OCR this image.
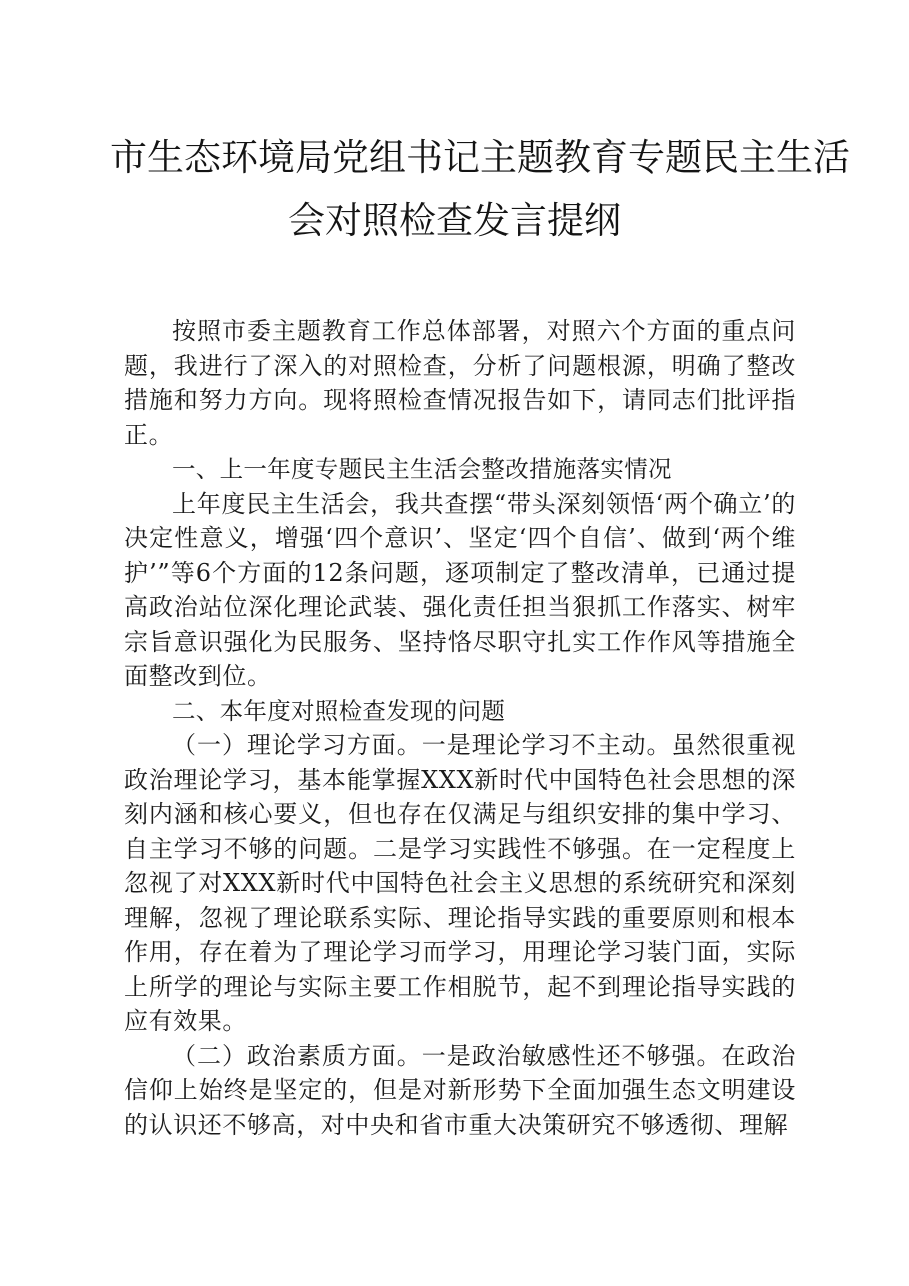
市生态环境局党组书记主题教育专题民主生活
会对照检查发言提纲

按照市委主题教育工作总体部署，对照六个方面的重点问题，我进行了深入的对照检查，分析了问题根源，明确了整改措施和努力方向。现将照检查情况报告如下，请同志们批评指正。

一、上一年度专题民主生活会整改措施落实情况

上年度民主生活会，我共查摆“带头深刻领悟‘两个确立’的决定性意义，增强‘四个意识’、坚定‘四个自信’、做到‘两个维护’”等6个方面的12条问题，逐项制定了整改清单，已通过提高政治站位深化理论武装、强化责任担当狠抓工作落实、树牢宗旨意识强化为民服务、坚持恪尽职守扎实工作作风等措施全面整改到位。

二、本年度对照检查发现的问题

（一）理论学习方面。一是理论学习不主动。虽然很重视政治理论学习，基本能掌握XXX新时代中国特色社会思想的深刻内涵和核心要义，但也存在仅满足与组织安排的集中学习、自主学习不够的问题。二是学习实践性不够强。在一定程度上忽视了对XXX新时代中国特色社会主义思想的系统研究和深刻理解，忽视了理论联系实际、理论指导实践的重要原则和根本作用，存在着为了理论学习而学习，用理论学习装门面，实际上所学的理论与实际主要工作相脱节，起不到理论指导实践的应有效果。

（二）政治素质方面。一是政治敏感性还不够强。在政治信仰上始终是坚定的，但是对新形势下全面加强生态文明建设的认识还不够高，对中央和省市重大决策研究不够透彻、理解
